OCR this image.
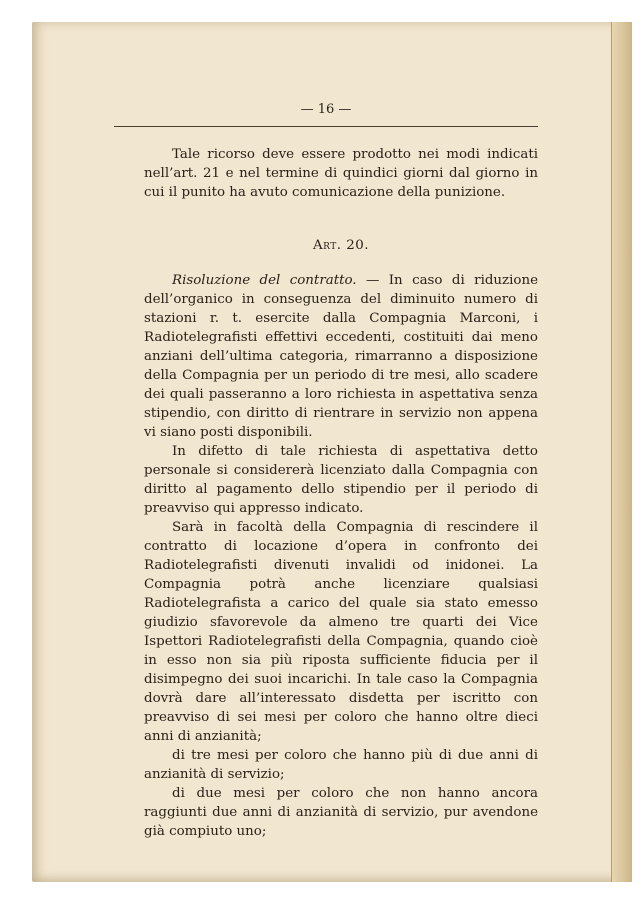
— 16 —

Tale ricorso deve essere prodotto nei modi indicati nell’art. 21 e nel termine di quindici giorni dal giorno in cui il punito ha avuto comunicazione della punizione.

Art. 20.

Risoluzione del contratto. — In caso di riduzione dell’organico in conseguenza del diminuito numero di stazioni r. t. esercite dalla Compagnia Marconi, i Radiotelegrafisti effettivi eccedenti, costituiti dai meno anziani dell’ultima categoria, rimarranno a disposizione della Compagnia per un periodo di tre mesi, allo scadere dei quali passeranno a loro richiesta in aspettativa senza stipendio, con diritto di rientrare in servizio non appena vi siano posti disponibili.

In difetto di tale richiesta di aspettativa detto personale si considererà licenziato dalla Compagnia con diritto al pagamento dello stipendio per il periodo di preavviso qui appresso indicato.

Sarà in facoltà della Compagnia di rescindere il contratto di locazione d’opera in confronto dei Radiotelegrafisti divenuti invalidi od inidonei. La Compagnia potrà anche licenziare qualsiasi Radiotelegrafista a carico del quale sia stato emesso giudizio sfavorevole da almeno tre quarti dei Vice Ispettori Radiotelegrafisti della Compagnia, quando cioè in esso non sia più riposta sufficiente fiducia per il disimpegno dei suoi incarichi. In tale caso la Compagnia dovrà dare all’interessato disdetta per iscritto con preavviso di sei mesi per coloro che hanno oltre dieci anni di anzianità;

di tre mesi per coloro che hanno più di due anni di anzianità di servizio;

di due mesi per coloro che non hanno ancora raggiunti due anni di anzianità di servizio, pur avendone già compiuto uno;
